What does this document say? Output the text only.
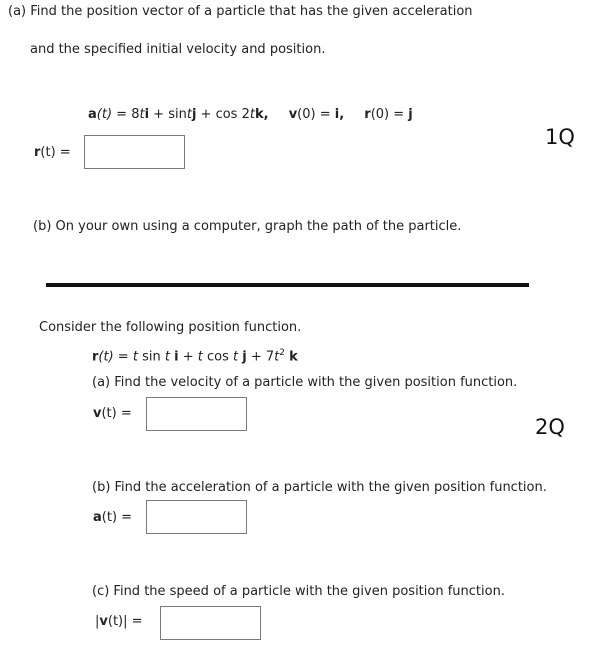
(a) Find the position vector of a particle that has the given acceleration
and the specified initial velocity and position.
a(t) = 8ti + sintj + cos 2tk, v(0) = i, r(0) = j
r(t) =
1Q
(b) On your own using a computer, graph the path of the particle.
Consider the following position function.
r(t) = t sin t i + t cos t $j + 7t^2$ k
(a) Find the velocity of a particle with the given position function.
v(t) =
2Q
(b) Find the acceleration of a particle with the given position function.
a(t) =
(c) Find the speed of a particle with the given position function.
|v(t)| =
